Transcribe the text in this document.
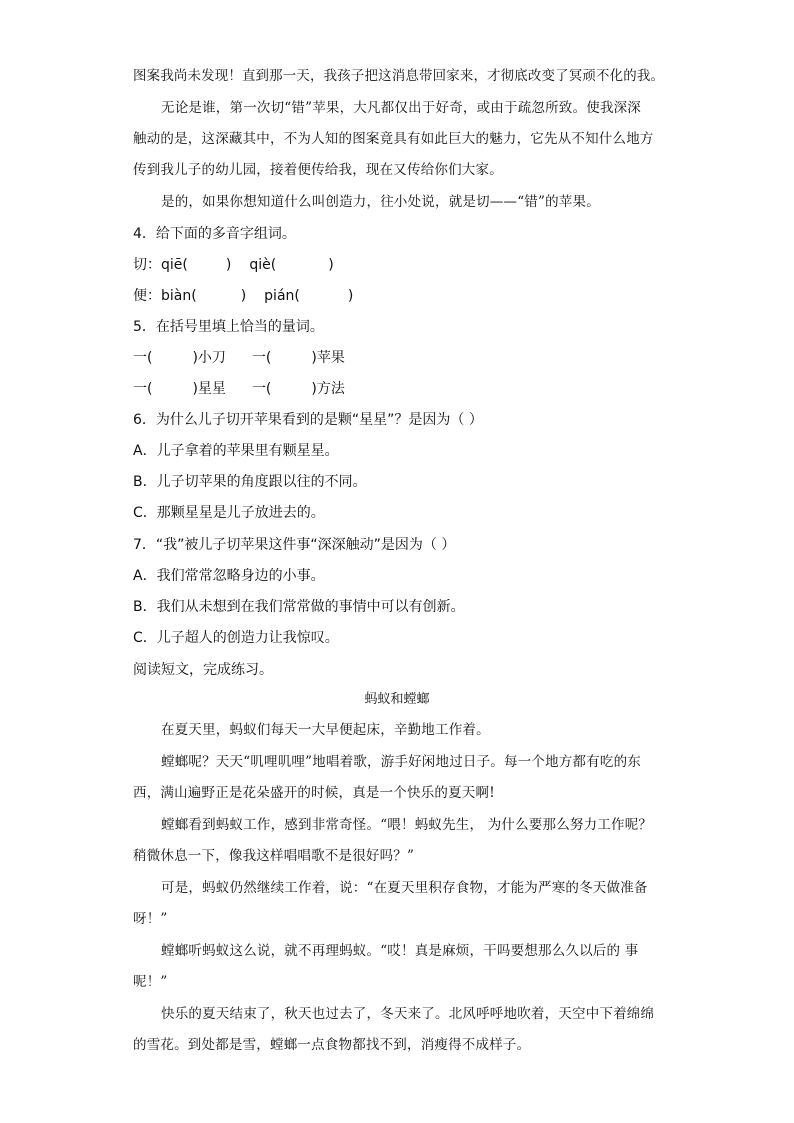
图案我尚未发现！直到那一天，我孩子把这消息带回家来，才彻底改变了冥顽不化的我。
无论是谁，第一次切“错”苹果，大凡都仅出于好奇，或由于疏忽所致。使我深深
触动的是，这深藏其中，不为人知的图案竟具有如此巨大的魅力，它先从不知什么地方
传到我儿子的幼儿园，接着便传给我，现在又传给你们大家。
是的，如果你想知道什么叫创造力，往小处说，就是切——“错”的苹果。
4．给下面的多音字组词。
切：qiē(	) qiè(	)
便：biàn(	) pián(	)
5．在括号里填上恰当的量词。
一(	)小刀 一(	)苹果
一(	)星星 一(	)方法
6．为什么儿子切开苹果看到的是颗“星星”？是因为（ ）
A．儿子拿着的苹果里有颗星星。
B．儿子切苹果的角度跟以往的不同。
C．那颗星星是儿子放进去的。
7．“我”被儿子切苹果这件事“深深触动”是因为（ ）
A．我们常常忽略身边的小事。
B．我们从未想到在我们常常做的事情中可以有创新。
C．儿子超人的创造力让我惊叹。
阅读短文，完成练习。
蚂蚁和螳螂
在夏天里，蚂蚁们每天一大早便起床，辛勤地工作着。
螳螂呢？天天“叽哩叽哩”地唱着歌，游手好闲地过日子。每一个地方都有吃的东
西，满山遍野正是花朵盛开的时候，真是一个快乐的夏天啊!
螳螂看到蚂蚁工作，感到非常奇怪。“喂！蚂蚁先生， 为什么要那么努力工作呢？
稍微休息一下，像我这样唱唱歌不是很好吗？”
可是，蚂蚁仍然继续工作着，说：“在夏天里积存食物，才能为严寒的冬天做准备
呀！”
螳螂听蚂蚁这么说，就不再理蚂蚁。“哎！真是麻烦，干吗要想那么久以后的 事
呢！”
快乐的夏天结束了，秋天也过去了，冬天来了。北风呼呼地吹着，天空中下着绵绵
的雪花。到处都是雪，螳螂一点食物都找不到，消瘦得不成样子。
